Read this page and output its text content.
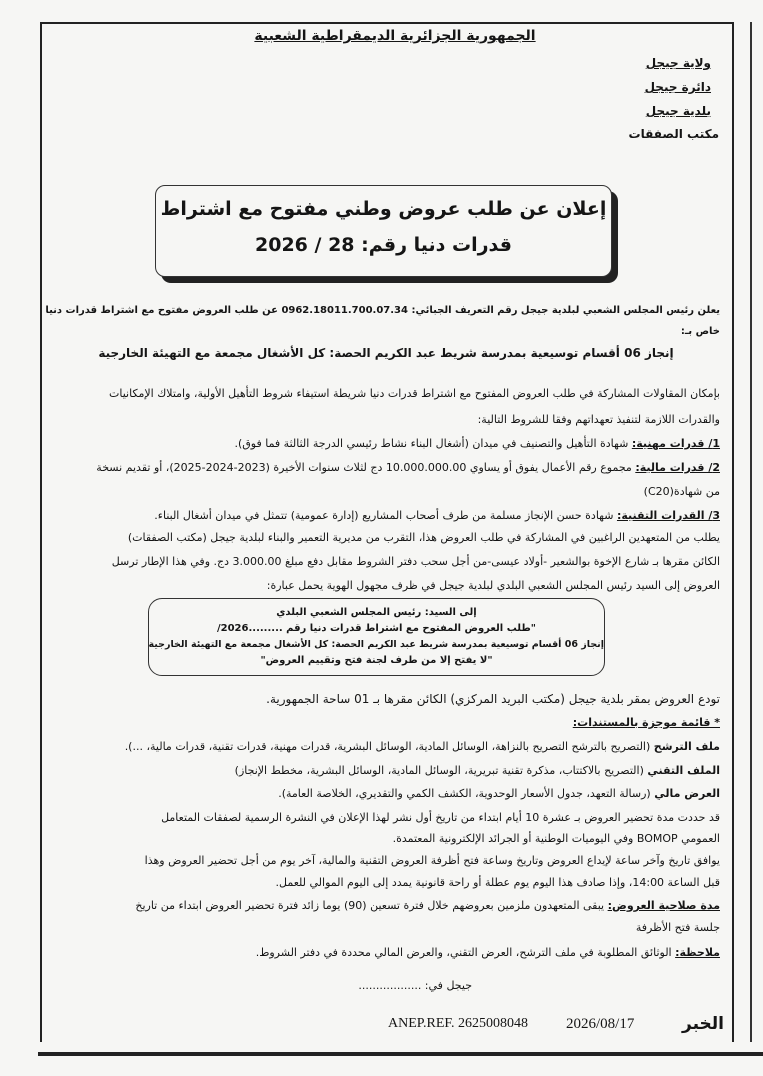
الجمهورية الجزائرية الديمقراطية الشعبية
ولاية جيجل
دائرة جيجل
بلدية جيجل
مكتب الصفقات
إعلان عن طلب عروض وطني مفتوح مع اشتراط
قدرات دنيا رقم: 28 / 2026
يعلن رئيس المجلس الشعبي لبلدية جيجل رقم التعريف الجبائي: 0962.18011.700.07.34 عن طلب العروض مفتوح مع اشتراط قدرات دنيا
خاص بـ:
إنجاز 06 أقسام توسيعية بمدرسة شريط عبد الكريم الحصة: كل الأشغال مجمعة مع التهيئة الخارجية
بإمكان المقاولات المشاركة في طلب العروض المفتوح مع اشتراط قدرات دنيا شريطة استيفاء شروط التأهيل الأولية، وامتلاك الإمكانيات
والقدرات اللازمة لتنفيذ تعهداتهم وفقا للشروط التالية:
1/ قدرات مهنية: شهادة التأهيل والتصنيف في ميدان (أشغال البناء نشاط رئيسي الدرجة الثالثة فما فوق).
2/ قدرات مالية: مجموع رقم الأعمال يفوق أو يساوي 10.000.000.00 دج لثلاث سنوات الأخيرة (2023-2024-2025)، أو تقديم نسخة
من شهادة(C20)
3/ القدرات التقنية: شهادة حسن الإنجاز مسلمة من طرف أصحاب المشاريع (إدارة عمومية) تتمثل في ميدان أشغال البناء.
يطلب من المتعهدين الراغبين في المشاركة في طلب العروض هذا، التقرب من مديرية التعمير والبناء لبلدية جيجل (مكتب الصفقات)
الكائن مقرها بـ شارع الإخوة بوالشعير -أولاد عيسى-من أجل سحب دفتر الشروط مقابل دفع مبلغ 3.000.00 دج. وفي هذا الإطار ترسل
العروض إلى السيد رئيس المجلس الشعبي البلدي لبلدية جيجل في ظرف مجهول الهوية يحمل عبارة:
إلى السيد: رئيس المجلس الشعبي البلدي
"طلب العروض المفتوح مع اشتراط قدرات دنيا رقم .........2026/
إنجاز 06 أقسام توسيعية بمدرسة شريط عبد الكريم الحصة: كل الأشغال مجمعة مع التهيئة الخارجية
"لا يفتح إلا من طرف لجنة فتح وتقييم العروض"
تودع العروض بمقر بلدية جيجل (مكتب البريد المركزي) الكائن مقرها بـ 01 ساحة الجمهورية.
* قائمة موجزة بالمستندات:
ملف الترشح (التصريح بالترشح التصريح بالنزاهة، الوسائل المادية، الوسائل البشرية، قدرات مهنية، قدرات تقنية، قدرات مالية، ...).
الملف التقني (التصريح بالاكتتاب، مذكرة تقنية تبريرية، الوسائل المادية، الوسائل البشرية، مخطط الإنجاز)
العرض مالي (رسالة التعهد، جدول الأسعار الوحدوية، الكشف الكمي والتقديري، الخلاصة العامة).
قد حددت مدة تحضير العروض بـ عشرة 10 أيام ابتداء من تاريخ أول نشر لهذا الإعلان في النشرة الرسمية لصفقات المتعامل
العمومي BOMOP وفي اليوميات الوطنية أو الجرائد الإلكترونية المعتمدة.
يوافق تاريخ وآخر ساعة لإيداع العروض وتاريخ وساعة فتح أظرفة العروض التقنية والمالية، آخر يوم من أجل تحضير العروض وهذا
قبل الساعة 14:00، وإذا صادف هذا اليوم يوم عطلة أو راحة قانونية يمدد إلى اليوم الموالي للعمل.
مدة صلاحية العروض: يبقى المتعهدون ملزمين بعروضهم خلال فترة تسعين (90) يوما زائد فترة تحضير العروض ابتداء من تاريخ
جلسة فتح الأظرفة
ملاحظة: الوثائق المطلوبة في ملف الترشح، العرض التقني، والعرض المالي محددة في دفتر الشروط.
جيجل في: ..................
ANEP.REF. 2625008048	2026/08/17	الخبر
